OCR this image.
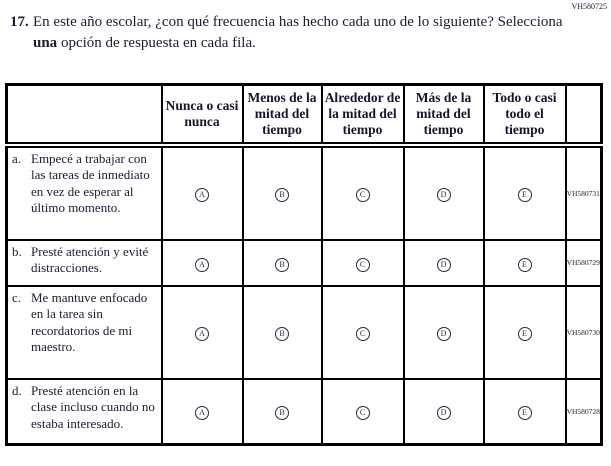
VH580725
17. En este año escolar, ¿con qué frecuencia has hecho cada uno de lo siguiente? Selecciona
una opción de respuesta en cada fila.
	Nunca o casi nunca	Menos de la mitad del tiempo	Alrededor de la mitad del tiempo	Más de la mitad del tiempo	Todo o casi todo el tiempo	

a. Empecé a trabajar con las tareas de inmediato en vez de esperar al último momento.	A	B	C	D	E	VH580731

b. Presté atención y evité distracciones.	A	B	C	D	E	VH580729

c. Me mantuve enfocado en la tarea sin recordatorios de mi maestro.	A	B	C	D	E	VH580730

d. Presté atención en la clase incluso cuando no estaba interesado.	A	B	C	D	E	VH580728
